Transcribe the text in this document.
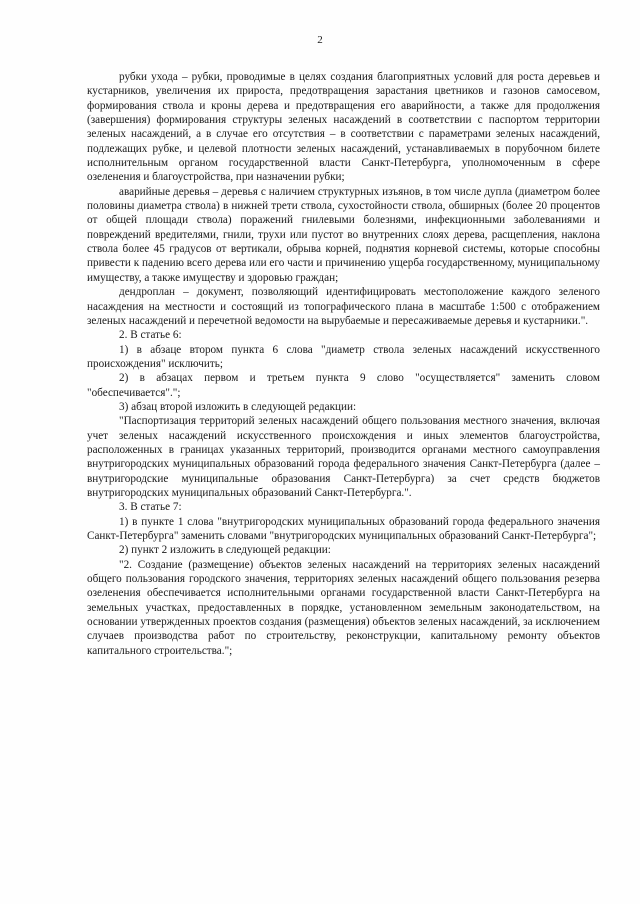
2

рубки ухода – рубки, проводимые в целях создания благоприятных условий для роста деревьев и кустарников, увеличения их прироста, предотвращения зарастания цветников и газонов самосевом, формирования ствола и кроны дерева и предотвращения его аварийности, а также для продолжения (завершения) формирования структуры зеленых насаждений в соответствии с паспортом территории зеленых насаждений, а в случае его отсутствия – в соответствии с параметрами зеленых насаждений, подлежащих рубке, и целевой плотности зеленых насаждений, устанавливаемых в порубочном билете исполнительным органом государственной власти Санкт-Петербурга, уполномоченным в сфере озеленения и благоустройства, при назначении рубки;

аварийные деревья – деревья с наличием структурных изъянов, в том числе дупла (диаметром более половины диаметра ствола) в нижней трети ствола, сухостойности ствола, обширных (более 20 процентов от общей площади ствола) поражений гнилевыми болезнями, инфекционными заболеваниями и повреждений вредителями, гнили, трухи или пустот во внутренних слоях дерева, расщепления, наклона ствола более 45 градусов от вертикали, обрыва корней, поднятия корневой системы, которые способны привести к падению всего дерева или его части и причинению ущерба государственному, муниципальному имуществу, а также имуществу и здоровью граждан;

дендроплан – документ, позволяющий идентифицировать местоположение каждого зеленого насаждения на местности и состоящий из топографического плана в масштабе 1:500 с отображением зеленых насаждений и перечетной ведомости на вырубаемые и пересаживаемые деревья и кустарники.".

2. В статье 6:

1) в абзаце втором пункта 6 слова "диаметр ствола зеленых насаждений искусственного происхождения" исключить;

2) в абзацах первом и третьем пункта 9 слово "осуществляется" заменить словом "обеспечивается".";

3) абзац второй изложить в следующей редакции:

"Паспортизация территорий зеленых насаждений общего пользования местного значения, включая учет зеленых насаждений искусственного происхождения и иных элементов благоустройства, расположенных в границах указанных территорий, производится органами местного самоуправления внутригородских муниципальных образований города федерального значения Санкт-Петербурга (далее – внутригородские муниципальные образования Санкт-Петербурга) за счет средств бюджетов внутригородских муниципальных образований Санкт-Петербурга.".

3. В статье 7:

1) в пункте 1 слова "внутригородских муниципальных образований города федерального значения Санкт-Петербурга" заменить словами "внутригородских муниципальных образований Санкт-Петербурга";

2) пункт 2 изложить в следующей редакции:

"2. Создание (размещение) объектов зеленых насаждений на территориях зеленых насаждений общего пользования городского значения, территориях зеленых насаждений общего пользования резерва озеленения обеспечивается исполнительными органами государственной власти Санкт-Петербурга на земельных участках, предоставленных в порядке, установленном земельным законодательством, на основании утвержденных проектов создания (размещения) объектов зеленых насаждений, за исключением случаев производства работ по строительству, реконструкции, капитальному ремонту объектов капитального строительства.";
